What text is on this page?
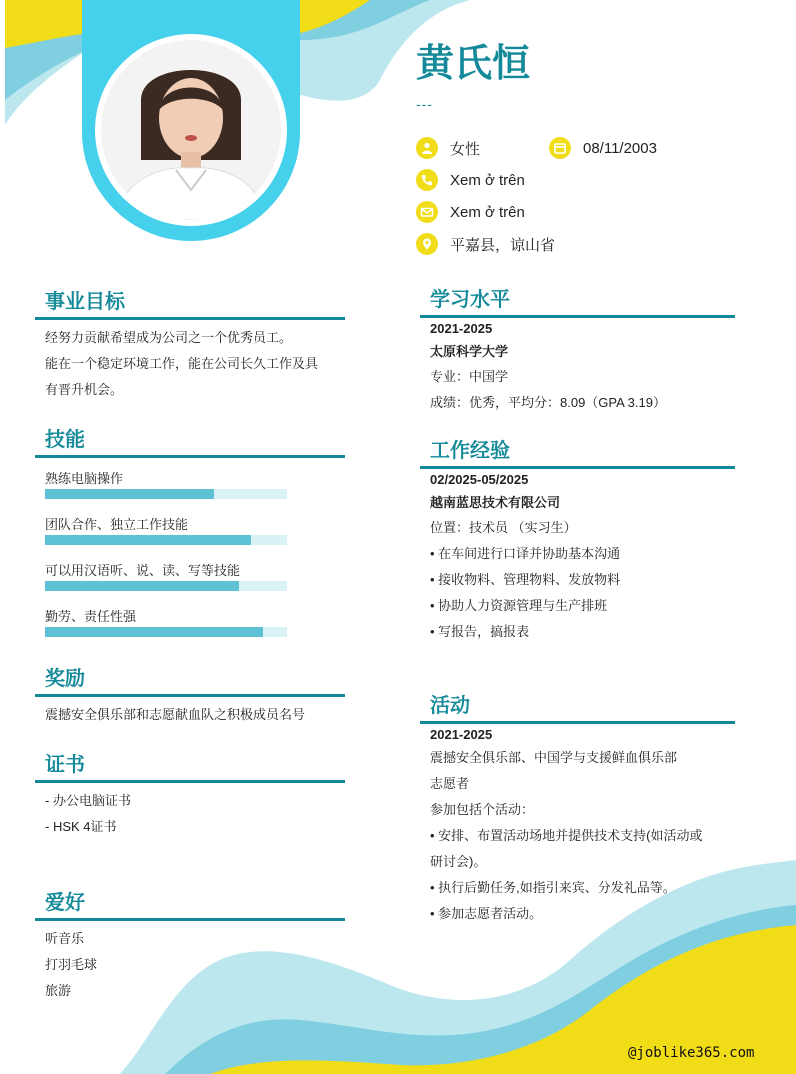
黄氏恒
---
女性	08/11/2003
Xem ở trên
Xem ở trên
平嘉县，谅山省
事业目标
经努力贡献希望成为公司之一个优秀员工。
能在一个稳定环境工作，能在公司长久工作及具
有晋升机会。
技能
熟练电脑操作
团队合作、独立工作技能
可以用汉语听、说、读、写等技能
勤劳、责任性强
奖励
震撼安全俱乐部和志愿献血队之积极成员名号
证书
- 办公电脑证书
- HSK 4证书
爱好
听音乐
打羽毛球
旅游
学习水平
2021-2025
太原科学大学
专业：中国学
成绩：优秀，平均分：8.09（GPA 3.19）
工作经验
02/2025-05/2025
越南蓝思技术有限公司
位置：技术员 （实习生）
• 在车间进行口译并协助基本沟通
• 接收物料、管理物料、发放物料
• 协助人力资源管理与生产排班
• 写报告，搞报表
活动
2021-2025
震撼安全俱乐部、中国学与支援鲜血俱乐部
志愿者
参加包括个活动：
• 安排、布置活动场地并提供技术支持(如活动或
研讨会)。
• 执行后勤任务,如指引来宾、分发礼品等。
• 参加志愿者活动。
@joblike365.com
